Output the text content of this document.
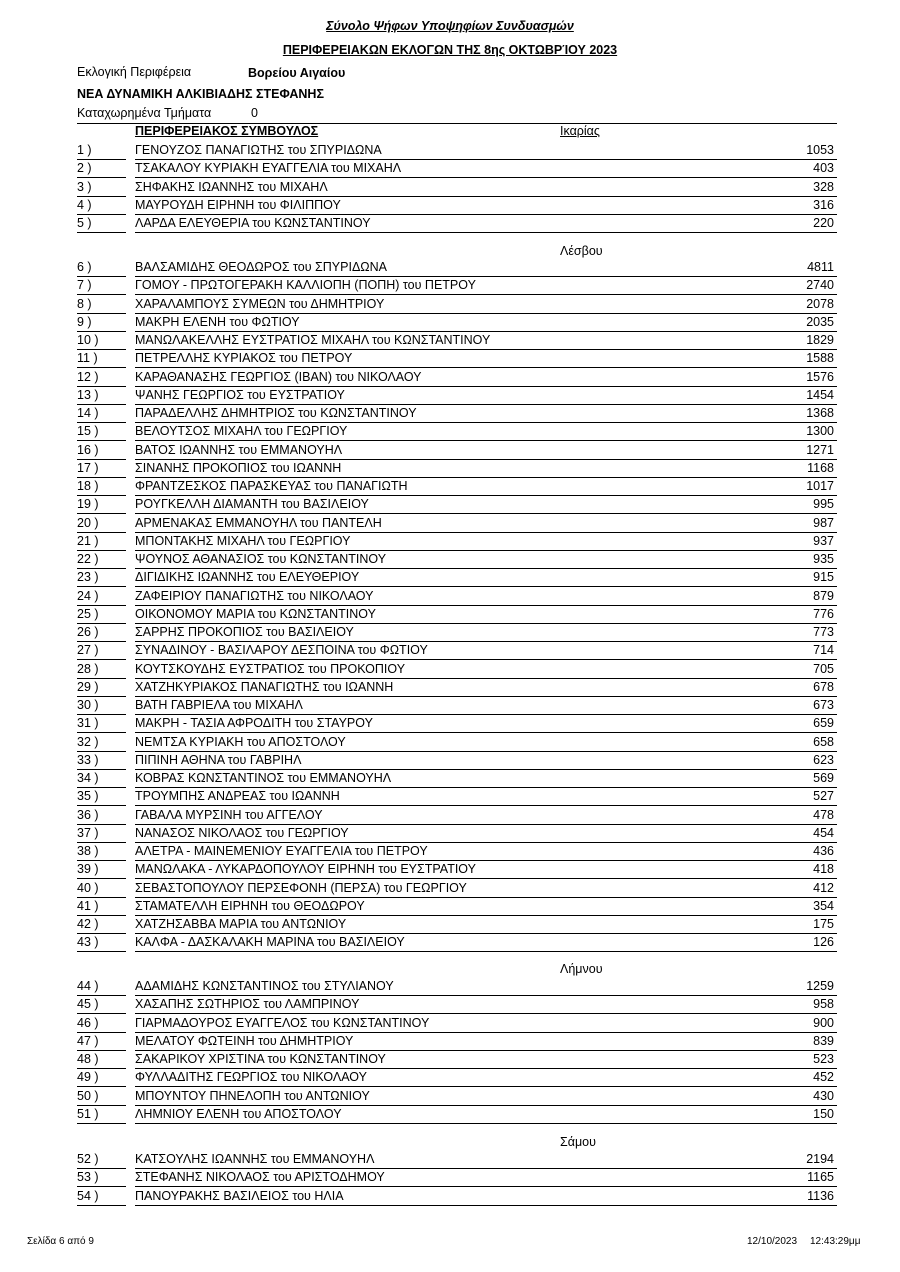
Σύνολο Ψήφων Υποψηφίων Συνδυασμών
ΠΕΡΙΦΕΡΕΙΑΚΩΝ ΕΚΛΟΓΩΝ ΤΗΣ 8ης ΟΚΤΩΒΡΊΟΥ 2023
Εκλογική Περιφέρεια	Βορείου Αιγαίου
ΝΕΑ ΔΥΝΑΜΙΚΗ ΑΛΚΙΒΙΑΔΗΣ ΣΤΕΦΑΝΗΣ
Καταχωρημένα Τμήματα	0
ΠΕΡΙΦΕΡΕΙΑΚΟΣ ΣΥΜΒΟΥΛΟΣ	Ικαρίας
1 )	ΓΕΝΟΥΖΟΣ ΠΑΝΑΓΙΩΤΗΣ του ΣΠΥΡΙΔΩΝΑ	1053
2 )	ΤΣΑΚΑΛΟΥ ΚΥΡΙΑΚΗ ΕΥΑΓΓΕΛΙΑ του ΜΙΧΑΗΛ	403
3 )	ΣΗΦΑΚΗΣ ΙΩΑΝΝΗΣ του ΜΙΧΑΗΛ	328
4 )	ΜΑΥΡΟΥΔΗ ΕΙΡΗΝΗ του ΦΙΛΙΠΠΟΥ	316
5 )	ΛΑΡΔΑ ΕΛΕΥΘΕΡΙΑ του ΚΩΝΣΤΑΝΤΙΝΟΥ	220
Λέσβου
6 )	ΒΑΛΣΑΜΙΔΗΣ ΘΕΟΔΩΡΟΣ του ΣΠΥΡΙΔΩΝΑ	4811
7 )	ΓΟΜΟΥ - ΠΡΩΤΟΓΕΡΑΚΗ ΚΑΛΛΙΟΠΗ (ΠΟΠΗ) του ΠΕΤΡΟΥ	2740
8 )	ΧΑΡΑΛΑΜΠΟΥΣ ΣΥΜΕΩΝ του ΔΗΜΗΤΡΙΟΥ	2078
9 )	ΜΑΚΡΗ ΕΛΕΝΗ του ΦΩΤΙΟΥ	2035
10 )	ΜΑΝΩΛΑΚΕΛΛΗΣ ΕΥΣΤΡΑΤΙΟΣ ΜΙΧΑΗΛ του ΚΩΝΣΤΑΝΤΙΝΟΥ	1829
11 )	ΠΕΤΡΕΛΛΗΣ ΚΥΡΙΑΚΟΣ του ΠΕΤΡΟΥ	1588
12 )	ΚΑΡΑΘΑΝΑΣΗΣ ΓΕΩΡΓΙΟΣ (ΙΒΑΝ) του ΝΙΚΟΛΑΟΥ	1576
13 )	ΨΑΝΗΣ ΓΕΩΡΓΙΟΣ του ΕΥΣΤΡΑΤΙΟΥ	1454
14 )	ΠΑΡΑΔΕΛΛΗΣ ΔΗΜΗΤΡΙΟΣ του ΚΩΝΣΤΑΝΤΙΝΟΥ	1368
15 )	ΒΕΛΟΥΤΣΟΣ ΜΙΧΑΗΛ του ΓΕΩΡΓΙΟΥ	1300
16 )	ΒΑΤΟΣ ΙΩΑΝΝΗΣ του ΕΜΜΑΝΟΥΗΛ	1271
17 )	ΣΙΝΑΝΗΣ ΠΡΟΚΟΠΙΟΣ του ΙΩΑΝΝΗ	1168
18 )	ΦΡΑΝΤΖΕΣΚΟΣ ΠΑΡΑΣΚΕΥΑΣ του ΠΑΝΑΓΙΩΤΗ	1017
19 )	ΡΟΥΓΚΕΛΛΗ ΔΙΑΜΑΝΤΗ του ΒΑΣΙΛΕΙΟΥ	995
20 )	ΑΡΜΕΝΑΚΑΣ ΕΜΜΑΝΟΥΗΛ του ΠΑΝΤΕΛΗ	987
21 )	ΜΠΟΝΤΑΚΗΣ ΜΙΧΑΗΛ του ΓΕΩΡΓΙΟΥ	937
22 )	ΨΟΥΝΟΣ ΑΘΑΝΑΣΙΟΣ του ΚΩΝΣΤΑΝΤΙΝΟΥ	935
23 )	ΔΙΓΙΔΙΚΗΣ ΙΩΑΝΝΗΣ του ΕΛΕΥΘΕΡΙΟΥ	915
24 )	ΖΑΦΕΙΡΙΟΥ ΠΑΝΑΓΙΩΤΗΣ του ΝΙΚΟΛΑΟΥ	879
25 )	ΟΙΚΟΝΟΜΟΥ ΜΑΡΙΑ του ΚΩΝΣΤΑΝΤΙΝΟΥ	776
26 )	ΣΑΡΡΗΣ ΠΡΟΚΟΠΙΟΣ του ΒΑΣΙΛΕΙΟΥ	773
27 )	ΣΥΝΑΔΙΝΟΥ - ΒΑΣΙΛΑΡΟΥ ΔΕΣΠΟΙΝΑ του ΦΩΤΙΟΥ	714
28 )	ΚΟΥΤΣΚΟΥΔΗΣ ΕΥΣΤΡΑΤΙΟΣ του ΠΡΟΚΟΠΙΟΥ	705
29 )	ΧΑΤΖΗΚΥΡΙΑΚΟΣ ΠΑΝΑΓΙΩΤΗΣ του ΙΩΑΝΝΗ	678
30 )	ΒΑΤΗ ΓΑΒΡΙΕΛΑ του ΜΙΧΑΗΛ	673
31 )	ΜΑΚΡΗ - ΤΑΣΙΑ ΑΦΡΟΔΙΤΗ του ΣΤΑΥΡΟΥ	659
32 )	ΝΕΜΤΣΑ ΚΥΡΙΑΚΗ του ΑΠΟΣΤΟΛΟΥ	658
33 )	ΠΙΠΙΝΗ ΑΘΗΝΑ του ΓΑΒΡΙΗΛ	623
34 )	ΚΟΒΡΑΣ ΚΩΝΣΤΑΝΤΙΝΟΣ του ΕΜΜΑΝΟΥΗΛ	569
35 )	ΤΡΟΥΜΠΗΣ ΑΝΔΡΕΑΣ του ΙΩΑΝΝΗ	527
36 )	ΓΑΒΑΛΑ ΜΥΡΣΙΝΗ του ΑΓΓΕΛΟΥ	478
37 )	ΝΑΝΑΣΟΣ ΝΙΚΟΛΑΟΣ του ΓΕΩΡΓΙΟΥ	454
38 )	ΑΛΕΤΡΑ - ΜΑΙΝΕΜΕΝΙΟΥ ΕΥΑΓΓΕΛΙΑ του ΠΕΤΡΟΥ	436
39 )	ΜΑΝΩΛΑΚΑ - ΛΥΚΑΡΔΟΠΟΥΛΟΥ ΕΙΡΗΝΗ του ΕΥΣΤΡΑΤΙΟΥ	418
40 )	ΣΕΒΑΣΤΟΠΟΥΛΟΥ ΠΕΡΣΕΦΟΝΗ (ΠΕΡΣΑ) του ΓΕΩΡΓΙΟΥ	412
41 )	ΣΤΑΜΑΤΕΛΛΗ ΕΙΡΗΝΗ του ΘΕΟΔΩΡΟΥ	354
42 )	ΧΑΤΖΗΣΑΒΒΑ ΜΑΡΙΑ του ΑΝΤΩΝΙΟΥ	175
43 )	ΚΑΛΦΑ - ΔΑΣΚΑΛΑΚΗ ΜΑΡΙΝΑ του ΒΑΣΙΛΕΙΟΥ	126
Λήμνου
44 )	ΑΔΑΜΙΔΗΣ ΚΩΝΣΤΑΝΤΙΝΟΣ του ΣΤΥΛΙΑΝΟΥ	1259
45 )	ΧΑΣΑΠΗΣ ΣΩΤΗΡΙΟΣ του ΛΑΜΠΡΙΝΟΥ	958
46 )	ΓΙΑΡΜΑΔΟΥΡΟΣ ΕΥΑΓΓΕΛΟΣ του ΚΩΝΣΤΑΝΤΙΝΟΥ	900
47 )	ΜΕΛΑΤΟΥ ΦΩΤΕΙΝΗ του ΔΗΜΗΤΡΙΟΥ	839
48 )	ΣΑΚΑΡΙΚΟΥ ΧΡΙΣΤΙΝΑ του ΚΩΝΣΤΑΝΤΙΝΟΥ	523
49 )	ΦΥΛΛΑΔΙΤΗΣ ΓΕΩΡΓΙΟΣ του ΝΙΚΟΛΑΟΥ	452
50 )	ΜΠΟΥΝΤΟΥ ΠΗΝΕΛΟΠΗ του ΑΝΤΩΝΙΟΥ	430
51 )	ΛΗΜΝΙΟΥ ΕΛΕΝΗ του ΑΠΟΣΤΟΛΟΥ	150
Σάμου
52 )	ΚΑΤΣΟΥΛΗΣ ΙΩΑΝΝΗΣ του ΕΜΜΑΝΟΥΗΛ	2194
53 )	ΣΤΕΦΑΝΗΣ ΝΙΚΟΛΑΟΣ του ΑΡΙΣΤΟΔΗΜΟΥ	1165
54 )	ΠΑΝΟΥΡΑΚΗΣ ΒΑΣΙΛΕΙΟΣ του ΗΛΙΑ	1136
Σελίδα 6 από 9	12/10/2023 12:43:29μμ
